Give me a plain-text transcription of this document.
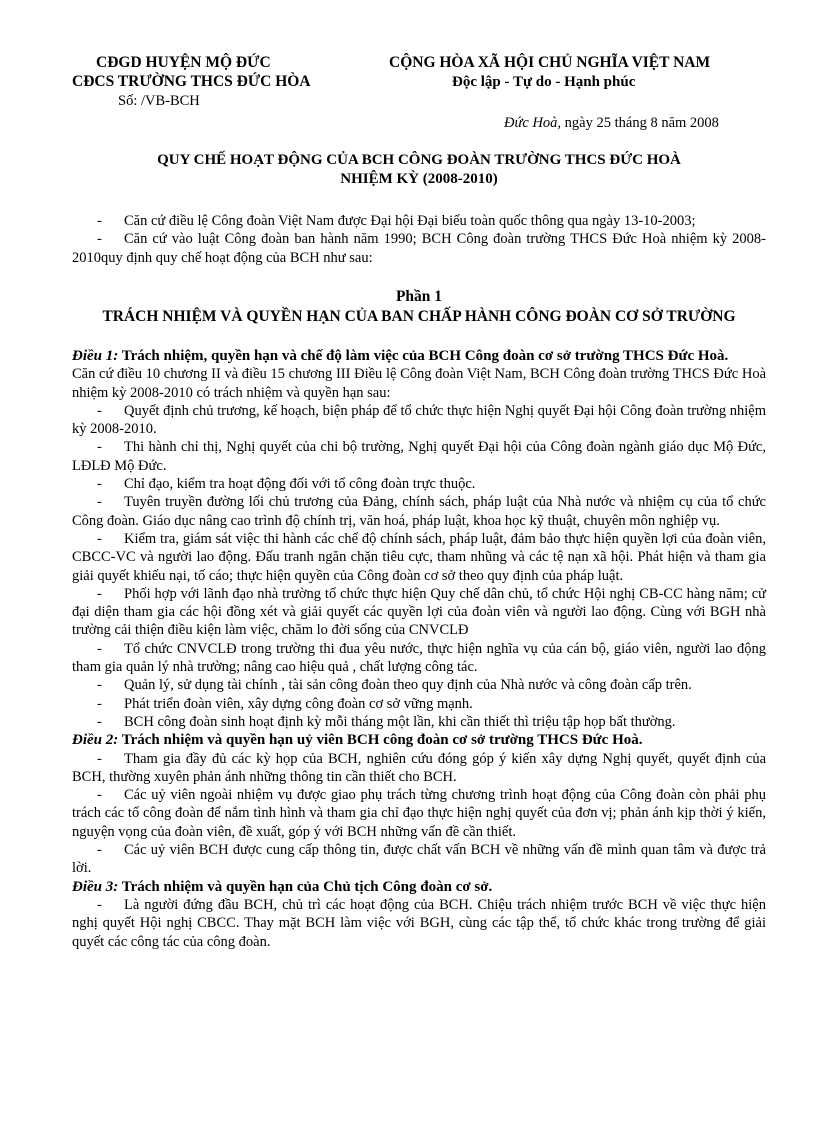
CĐGD HUYỆN MỘ ĐỨC
CĐCS TRƯỜNG THCS ĐỨC HÒA
Số: /VB-BCH
CỘNG HÒA XÃ HỘI CHỦ NGHĨA VIỆT NAM
Độc lập - Tự do - Hạnh phúc
Đức Hoà, ngày 25 tháng 8 năm 2008
QUY CHẾ HOẠT ĐỘNG CỦA BCH CÔNG ĐOÀN TRƯỜNG THCS ĐỨC HOÀ
NHIỆM KỲ (2008-2010)

- Căn cứ điều lệ Công đoàn Việt Nam được Đại hội Đại biểu toàn quốc thông qua ngày 13-10-2003;

- Căn cứ vào luật Công đoàn ban hành năm 1990; BCH Công đoàn trường THCS Đức Hoà nhiệm kỳ 2008-2010quy định quy chế hoạt động của BCH như sau:

Phần 1
TRÁCH NHIỆM VÀ QUYỀN HẠN CỦA BAN CHẤP HÀNH CÔNG ĐOÀN CƠ SỞ TRƯỜNG

Điều 1: Trách nhiệm, quyền hạn và chế độ làm việc của BCH Công đoàn cơ sở trường THCS Đức Hoà.

Căn cứ điều 10 chương II và điều 15 chương III Điều lệ Công đoàn Việt Nam, BCH Công đoàn trường THCS Đức Hoà nhiệm kỳ 2008-2010 có trách nhiệm và quyền hạn sau:

- Quyết định chủ trương, kế hoạch, biện pháp để tổ chức thực hiện Nghị quyết Đại hội Công đoàn trường nhiệm kỳ 2008-2010.

- Thi hành chỉ thị, Nghị quyết của chi bộ trường, Nghị quyết Đại hội của Công đoàn ngành giáo dục Mộ Đức, LĐLĐ Mộ Đức.

- Chỉ đạo, kiểm tra hoạt động đối với tổ công đoàn trực thuộc.

- Tuyên truyền đường lối chủ trương của Đảng, chính sách, pháp luật của Nhà nước và nhiệm cụ của tổ chức Công đoàn. Giáo dục nâng cao trình độ chính trị, văn hoá, pháp luật, khoa học kỹ thuật, chuyên môn nghiệp vụ.

- Kiểm tra, giám sát việc thi hành các chế độ chính sách, pháp luật, đảm bảo thực hiện quyền lợi của đoàn viên, CBCC-VC và người lao động. Đấu tranh ngăn chặn tiêu cực, tham nhũng và các tệ nạn xã hội. Phát hiện và tham gia giải quyết khiếu nại, tố cáo; thực hiện quyền của Công đoàn cơ sở theo quy định của pháp luật.

- Phối hợp với lãnh đạo nhà trường tổ chức thực hiện Quy chế dân chủ, tổ chức Hội nghị CB-CC hàng năm; cử đại diện tham gia các hội đồng xét và giải quyết các quyền lợi của đoàn viên và người lao động. Cùng với BGH nhà trường cải thiện điều kiện làm việc, chăm lo đời sống của CNVCLĐ

- Tổ chức CNVCLĐ trong trường thi đua yêu nước, thực hiện nghĩa vụ của cán bộ, giáo viên, người lao động tham gia quản lý nhà trường; nâng cao hiệu quả , chất lượng công tác.

- Quản lý, sử dụng tài chính , tài sản công đoàn theo quy định của Nhà nước và công đoàn cấp trên.

- Phát triển đoàn viên, xây dựng công đoàn cơ sở vững mạnh.

- BCH công đoàn sinh hoạt định kỳ mỗi tháng một lần, khi cần thiết thì triệu tập họp bất thường.

Điều 2: Trách nhiệm và quyền hạn uỷ viên BCH công đoàn cơ sở trường THCS Đức Hoà.

- Tham gia đầy đủ các kỳ họp của BCH, nghiên cứu đóng góp ý kiến xây dựng Nghị quyết, quyết định của BCH, thường xuyên phản ánh những thông tin cần thiết cho BCH.

- Các uỷ viên ngoài nhiệm vụ được giao phụ trách từng chương trình hoạt động của Công đoàn còn phải phụ trách các tổ công đoàn để nắm tình hình và tham gia chỉ đạo thực hiện nghị quyết của đơn vị; phản ánh kịp thời ý kiến, nguyện vọng của đoàn viên, đề xuất, góp ý với BCH những vấn đề cần thiết.

- Các uỷ viên BCH được cung cấp thông tin, được chất vấn BCH về những vấn đề mình quan tâm và được trả lời.

Điều 3: Trách nhiệm và quyền hạn của Chủ tịch Công đoàn cơ sở.

- Là người đứng đầu BCH, chủ trì các hoạt động của BCH. Chiệu trách nhiệm trước BCH về việc thực hiện nghị quyết Hội nghị CBCC. Thay mặt BCH làm việc với BGH, cùng các tập thể, tổ chức khác trong trường để giải quyết các công tác của công đoàn.
